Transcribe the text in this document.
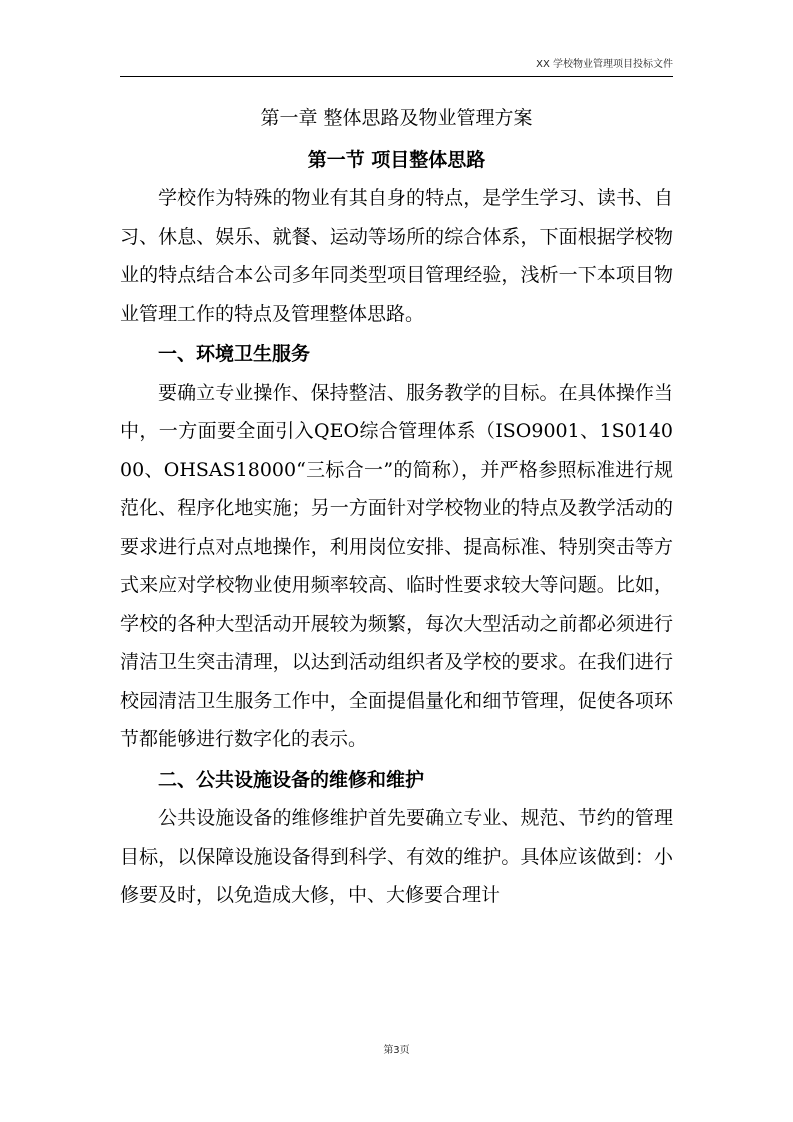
XX 学校物业管理项目投标文件
第一章 整体思路及物业管理方案
第一节 项目整体思路

学校作为特殊的物业有其自身的特点，是学生学习、读书、自习、休息、娱乐、就餐、运动等场所的综合体系，下面根据学校物业的特点结合本公司多年同类型项目管理经验，浅析一下本项目物业管理工作的特点及管理整体思路。

一、环境卫生服务

要确立专业操作、保持整洁、服务教学的目标。在具体操作当中，一方面要全面引入QEO综合管理体系（ISO9001、1S014000、OHSAS18000“三标合一”的简称），并严格参照标准进行规范化、程序化地实施；另一方面针对学校物业的特点及教学活动的要求进行点对点地操作，利用岗位安排、提高标准、特别突击等方式来应对学校物业使用频率较高、临时性要求较大等问题。比如，学校的各种大型活动开展较为频繁，每次大型活动之前都必须进行清洁卫生突击清理，以达到活动组织者及学校的要求。在我们进行校园清洁卫生服务工作中，全面提倡量化和细节管理，促使各项环节都能够进行数字化的表示。

二、公共设施设备的维修和维护

公共设施设备的维修维护首先要确立专业、规范、节约的管理目标，以保障设施设备得到科学、有效的维护。具体应该做到：小修要及时，以免造成大修，中、大修要合理计

第3页
